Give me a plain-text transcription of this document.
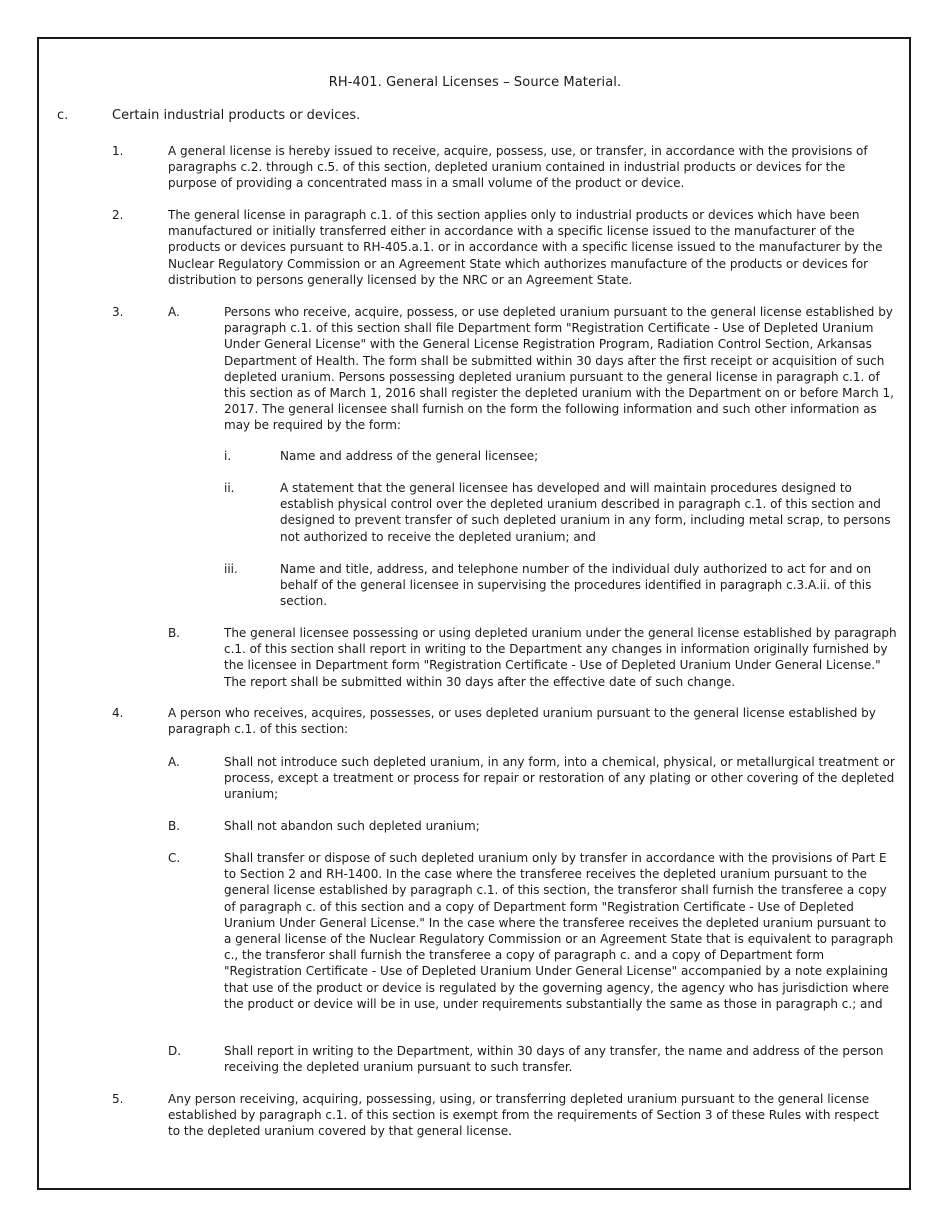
RH-401. General Licenses – Source Material.
c.	Certain industrial products or devices.
1.	A general license is hereby issued to receive, acquire, possess, use, or transfer, in accordance with the provisions of paragraphs c.2. through c.5. of this section, depleted uranium contained in industrial products or devices for the purpose of providing a concentrated mass in a small volume of the product or device.
2.	The general license in paragraph c.1. of this section applies only to industrial products or devices which have been manufactured or initially transferred either in accordance with a specific license issued to the manufacturer of the products or devices pursuant to RH-405.a.1. or in accordance with a specific license issued to the manufacturer by the Nuclear Regulatory Commission or an Agreement State which authorizes manufacture of the products or devices for distribution to persons generally licensed by the NRC or an Agreement State.
3.	A.	Persons who receive, acquire, possess, or use depleted uranium pursuant to the general license established by paragraph c.1. of this section shall file Department form "Registration Certificate - Use of Depleted Uranium Under General License" with the General License Registration Program, Radiation Control Section, Arkansas Department of Health. The form shall be submitted within 30 days after the first receipt or acquisition of such depleted uranium. Persons possessing depleted uranium pursuant to the general license in paragraph c.1. of this section as of March 1, 2016 shall register the depleted uranium with the Department on or before March 1, 2017. The general licensee shall furnish on the form the following information and such other information as may be required by the form:
i.	Name and address of the general licensee;
ii.	A statement that the general licensee has developed and will maintain procedures designed to establish physical control over the depleted uranium described in paragraph c.1. of this section and designed to prevent transfer of such depleted uranium in any form, including metal scrap, to persons not authorized to receive the depleted uranium; and
iii.	Name and title, address, and telephone number of the individual duly authorized to act for and on behalf of the general licensee in supervising the procedures identified in paragraph c.3.A.ii. of this section.
B.	The general licensee possessing or using depleted uranium under the general license established by paragraph c.1. of this section shall report in writing to the Department any changes in information originally furnished by the licensee in Department form "Registration Certificate - Use of Depleted Uranium Under General License." The report shall be submitted within 30 days after the effective date of such change.
4.	A person who receives, acquires, possesses, or uses depleted uranium pursuant to the general license established by paragraph c.1. of this section:
A.	Shall not introduce such depleted uranium, in any form, into a chemical, physical, or metallurgical treatment or process, except a treatment or process for repair or restoration of any plating or other covering of the depleted uranium;
B.	Shall not abandon such depleted uranium;
C.	Shall transfer or dispose of such depleted uranium only by transfer in accordance with the provisions of Part E to Section 2 and RH-1400. In the case where the transferee receives the depleted uranium pursuant to the general license established by paragraph c.1. of this section, the transferor shall furnish the transferee a copy of paragraph c. of this section and a copy of Department form "Registration Certificate - Use of Depleted Uranium Under General License." In the case where the transferee receives the depleted uranium pursuant to a general license of the Nuclear Regulatory Commission or an Agreement State that is equivalent to paragraph c., the transferor shall furnish the transferee a copy of paragraph c. and a copy of Department form "Registration Certificate - Use of Depleted Uranium Under General License" accompanied by a note explaining that use of the product or device is regulated by the governing agency, the agency who has jurisdiction where the product or device will be in use, under requirements substantially the same as those in paragraph c.; and
D.	Shall report in writing to the Department, within 30 days of any transfer, the name and address of the person receiving the depleted uranium pursuant to such transfer.
5.	Any person receiving, acquiring, possessing, using, or transferring depleted uranium pursuant to the general license established by paragraph c.1. of this section is exempt from the requirements of Section 3 of these Rules with respect to the depleted uranium covered by that general license.
